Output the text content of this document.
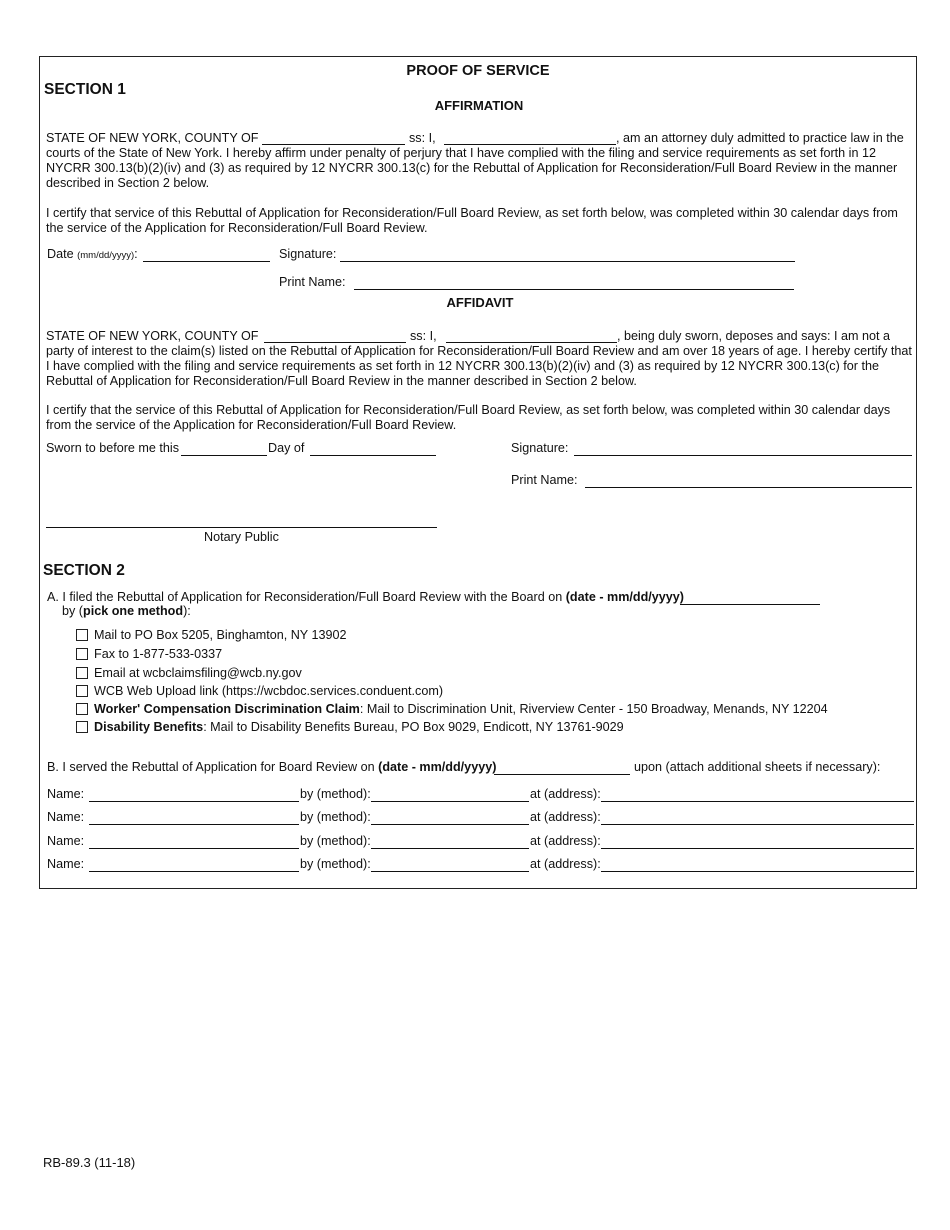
PROOF OF SERVICE
SECTION 1
AFFIRMATION
STATE OF NEW YORK, COUNTY OF	ss: I,	, am an attorney duly admitted to practice law in the
courts of the State of New York. I hereby affirm under penalty of perjury that I have complied with the filing and service requirements as set forth in 12 NYCRR 300.13(b)(2)(iv) and (3) as required by 12 NYCRR 300.13(c) for the Rebuttal of Application for Reconsideration/Full Board Review in the manner described in Section 2 below.
I certify that service of this Rebuttal of Application for Reconsideration/Full Board Review, as set forth below, was completed within 30 calendar days from the service of the Application for Reconsideration/Full Board Review.
Date (mm/dd/yyyy):	Signature:
Print Name:
AFFIDAVIT
STATE OF NEW YORK, COUNTY OF	ss: I,	, being duly sworn, deposes and says: I am not a
party of interest to the claim(s) listed on the Rebuttal of Application for Reconsideration/Full Board Review and am over 18 years of age. I hereby certify that I have complied with the filing and service requirements as set forth in 12 NYCRR 300.13(b)(2)(iv) and (3) as required by 12 NYCRR 300.13(c) for the Rebuttal of Application for Reconsideration/Full Board Review in the manner described in Section 2 below.
I certify that the service of this Rebuttal of Application for Reconsideration/Full Board Review, as set forth below, was completed within 30 calendar days from the service of the Application for Reconsideration/Full Board Review.
Sworn to before me this	Day of	Signature:
Print Name:
Notary Public
SECTION 2
A. I filed the Rebuttal of Application for Reconsideration/Full Board Review with the Board on (date - mm/dd/yyyy)
by (pick one method):
Mail to PO Box 5205, Binghamton, NY 13902
Fax to 1-877-533-0337
Email at wcbclaimsfiling@wcb.ny.gov
WCB Web Upload link (https://wcbdoc.services.conduent.com)
Worker' Compensation Discrimination Claim: Mail to Discrimination Unit, Riverview Center - 150 Broadway, Menands, NY 12204
Disability Benefits: Mail to Disability Benefits Bureau, PO Box 9029, Endicott, NY 13761-9029
B. I served the Rebuttal of Application for Board Review on (date - mm/dd/yyyy)	upon (attach additional sheets if necessary):
Name:	by (method):	at (address):
Name:	by (method):	at (address):
Name:	by (method):	at (address):
Name:	by (method):	at (address):
RB-89.3 (11-18)
